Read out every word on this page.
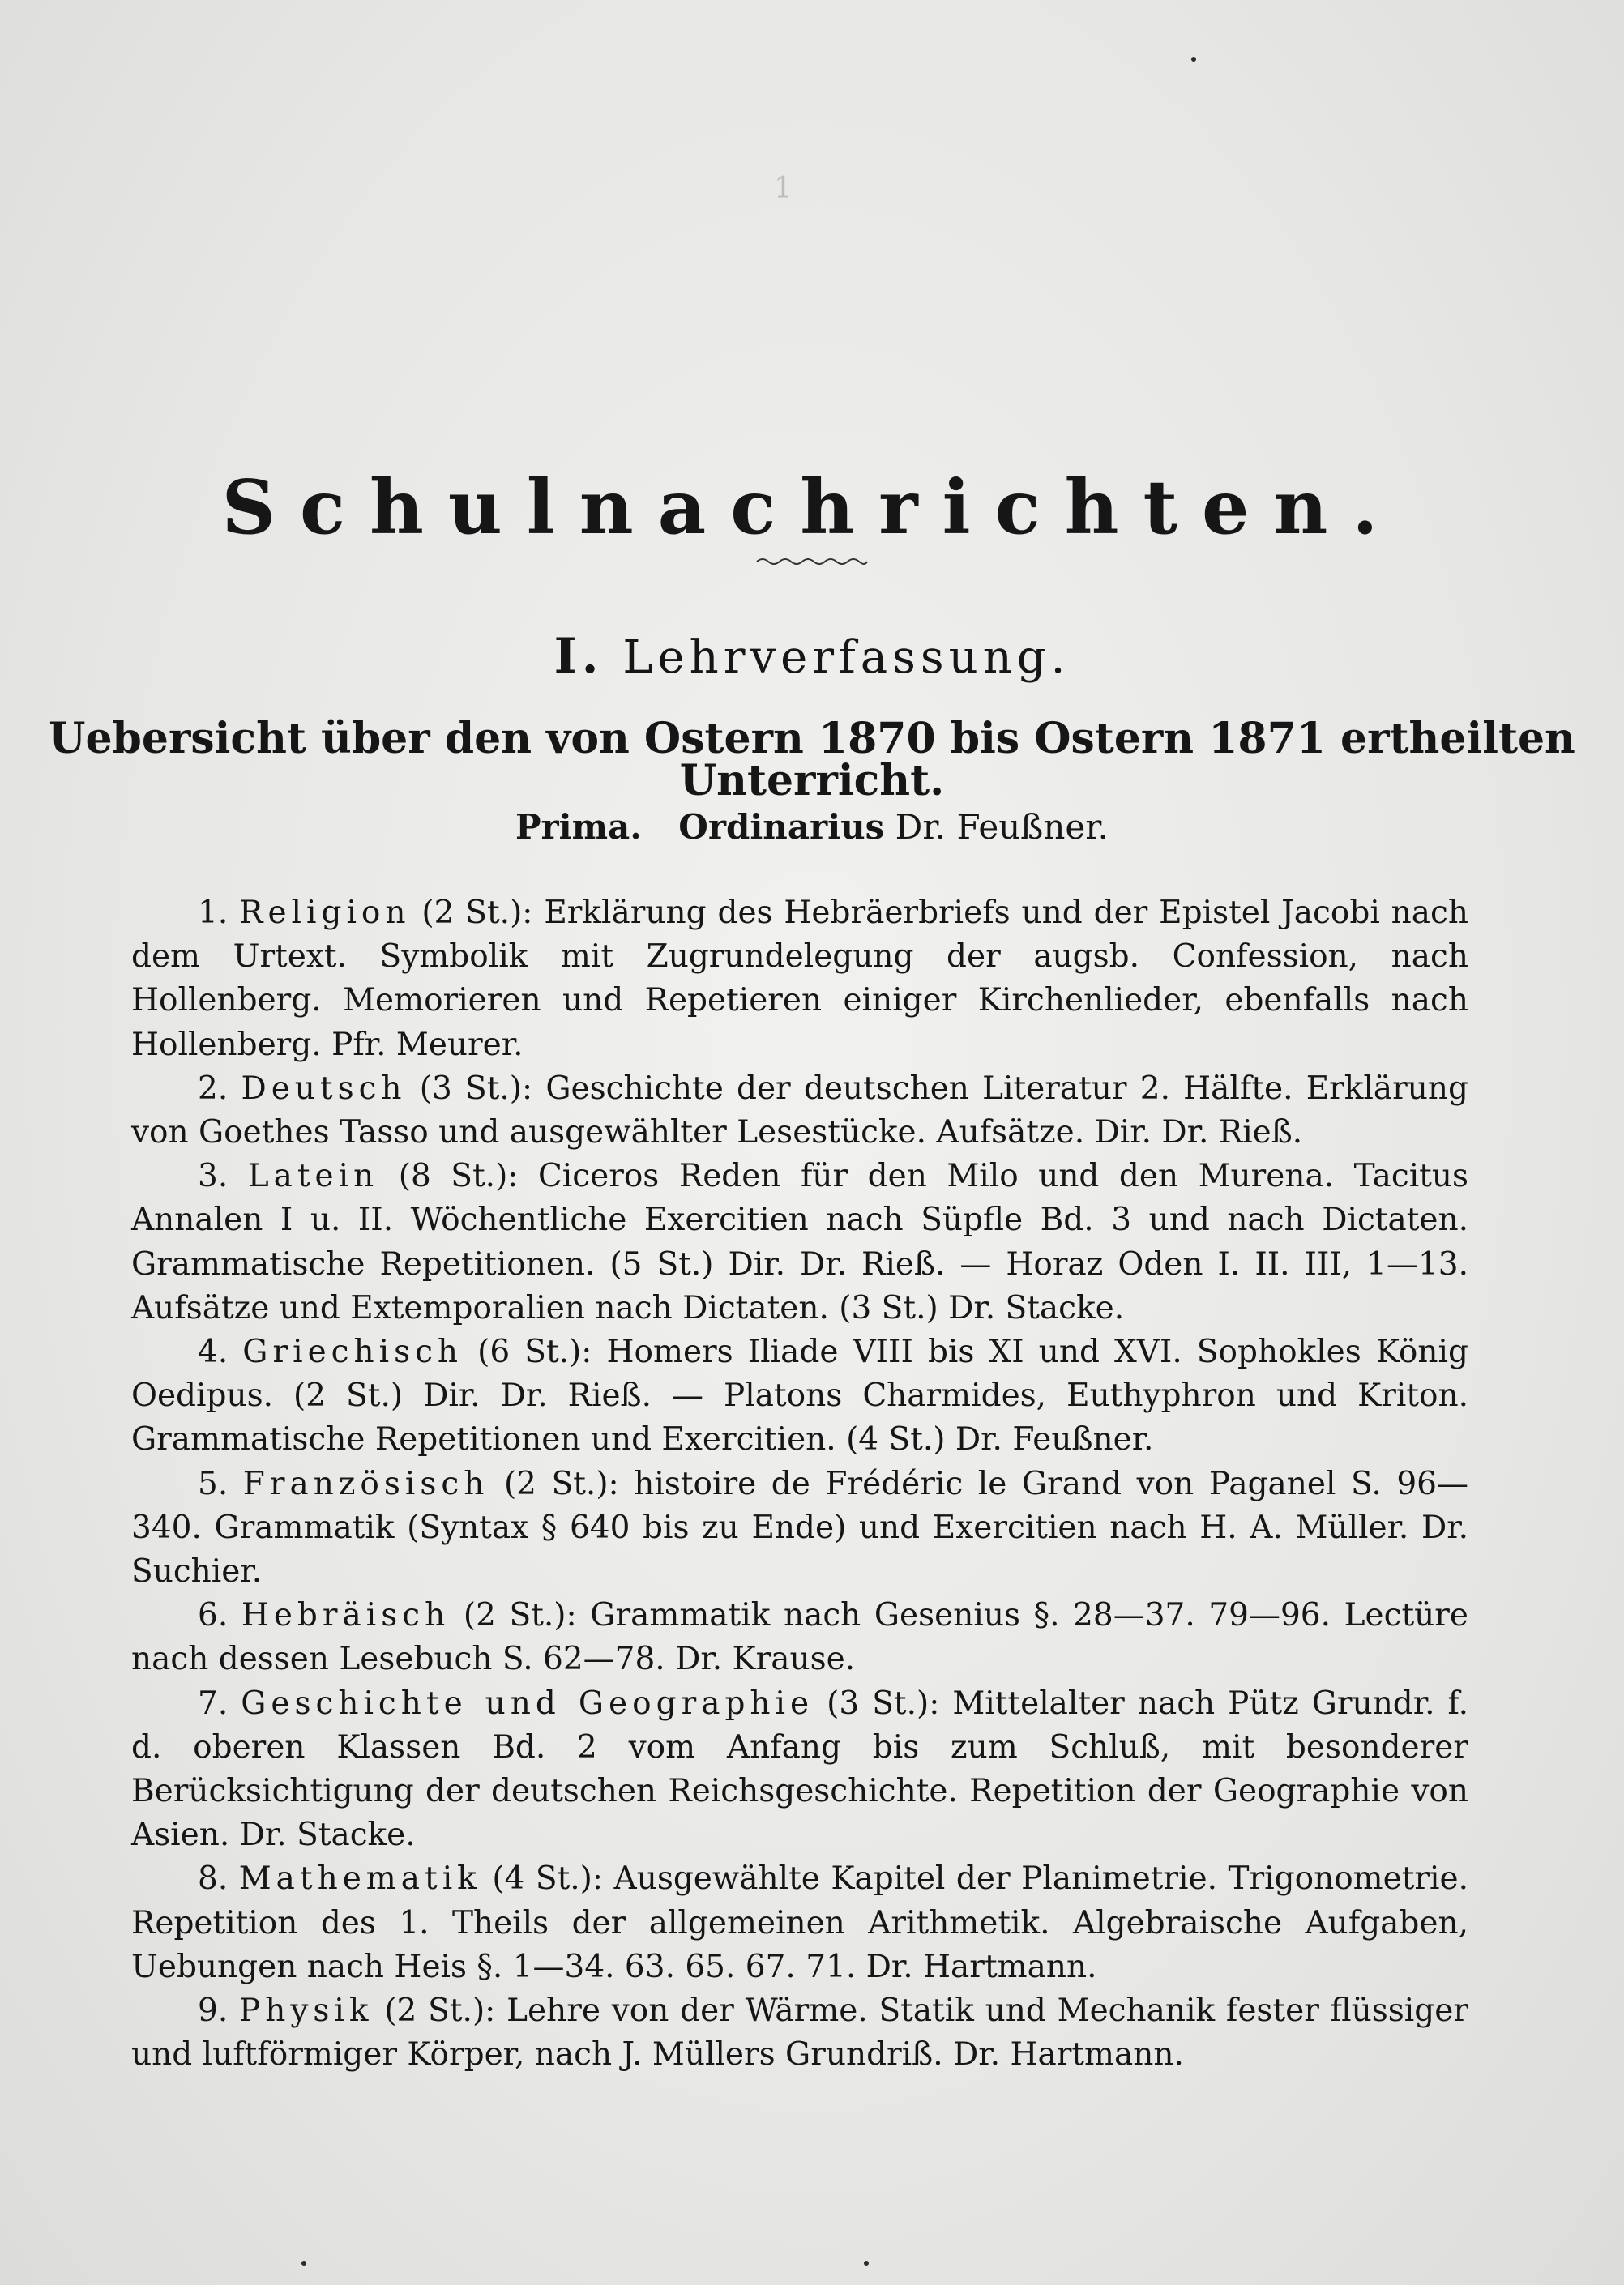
1
Schulnachrichten.
I. Lehrverfassung.
Uebersicht über den von Ostern 1870 bis Ostern 1871 ertheilten Unterricht.
Prima. Ordinarius Dr. Feußner.

1. Religion (2 St.): Erklärung des Hebräerbriefs und der Epistel Jacobi nach dem Urtext. Symbolik mit Zugrundelegung der augsb. Confession, nach Hollenberg. Memorieren und Repetieren einiger Kirchenlieder, ebenfalls nach Hollenberg. Pfr. Meurer.

2. Deutsch (3 St.): Geschichte der deutschen Literatur 2. Hälfte. Erklärung von Goethes Tasso und ausgewählter Lesestücke. Aufsätze. Dir. Dr. Rieß.

3. Latein (8 St.): Ciceros Reden für den Milo und den Murena. Tacitus Annalen I u. II. Wöchentliche Exercitien nach Süpfle Bd. 3 und nach Dictaten. Grammatische Repetitionen. (5 St.) Dir. Dr. Rieß. — Horaz Oden I. II. III, 1—13. Aufsätze und Extemporalien nach Dictaten. (3 St.) Dr. Stacke.

4. Griechisch (6 St.): Homers Iliade VIII bis XI und XVI. Sophokles König Oedipus. (2 St.) Dir. Dr. Rieß. — Platons Charmides, Euthyphron und Kriton. Grammatische Repetitionen und Exercitien. (4 St.) Dr. Feußner.

5. Französisch (2 St.): histoire de Frédéric le Grand von Paganel S. 96—340. Grammatik (Syntax § 640 bis zu Ende) und Exercitien nach H. A. Müller. Dr. Suchier.

6. Hebräisch (2 St.): Grammatik nach Gesenius §. 28—37. 79—96. Lectüre nach dessen Lesebuch S. 62—78. Dr. Krause.

7. Geschichte und Geographie (3 St.): Mittelalter nach Pütz Grundr. f. d. oberen Klassen Bd. 2 vom Anfang bis zum Schluß, mit besonderer Berücksichtigung der deutschen Reichsgeschichte. Repetition der Geographie von Asien. Dr. Stacke.

8. Mathematik (4 St.): Ausgewählte Kapitel der Planimetrie. Trigonometrie. Repetition des 1. Theils der allgemeinen Arithmetik. Algebraische Aufgaben, Uebungen nach Heis §. 1—34. 63. 65. 67. 71. Dr. Hartmann.

9. Physik (2 St.): Lehre von der Wärme. Statik und Mechanik fester flüssiger und luftförmiger Körper, nach J. Müllers Grundriß. Dr. Hartmann.
